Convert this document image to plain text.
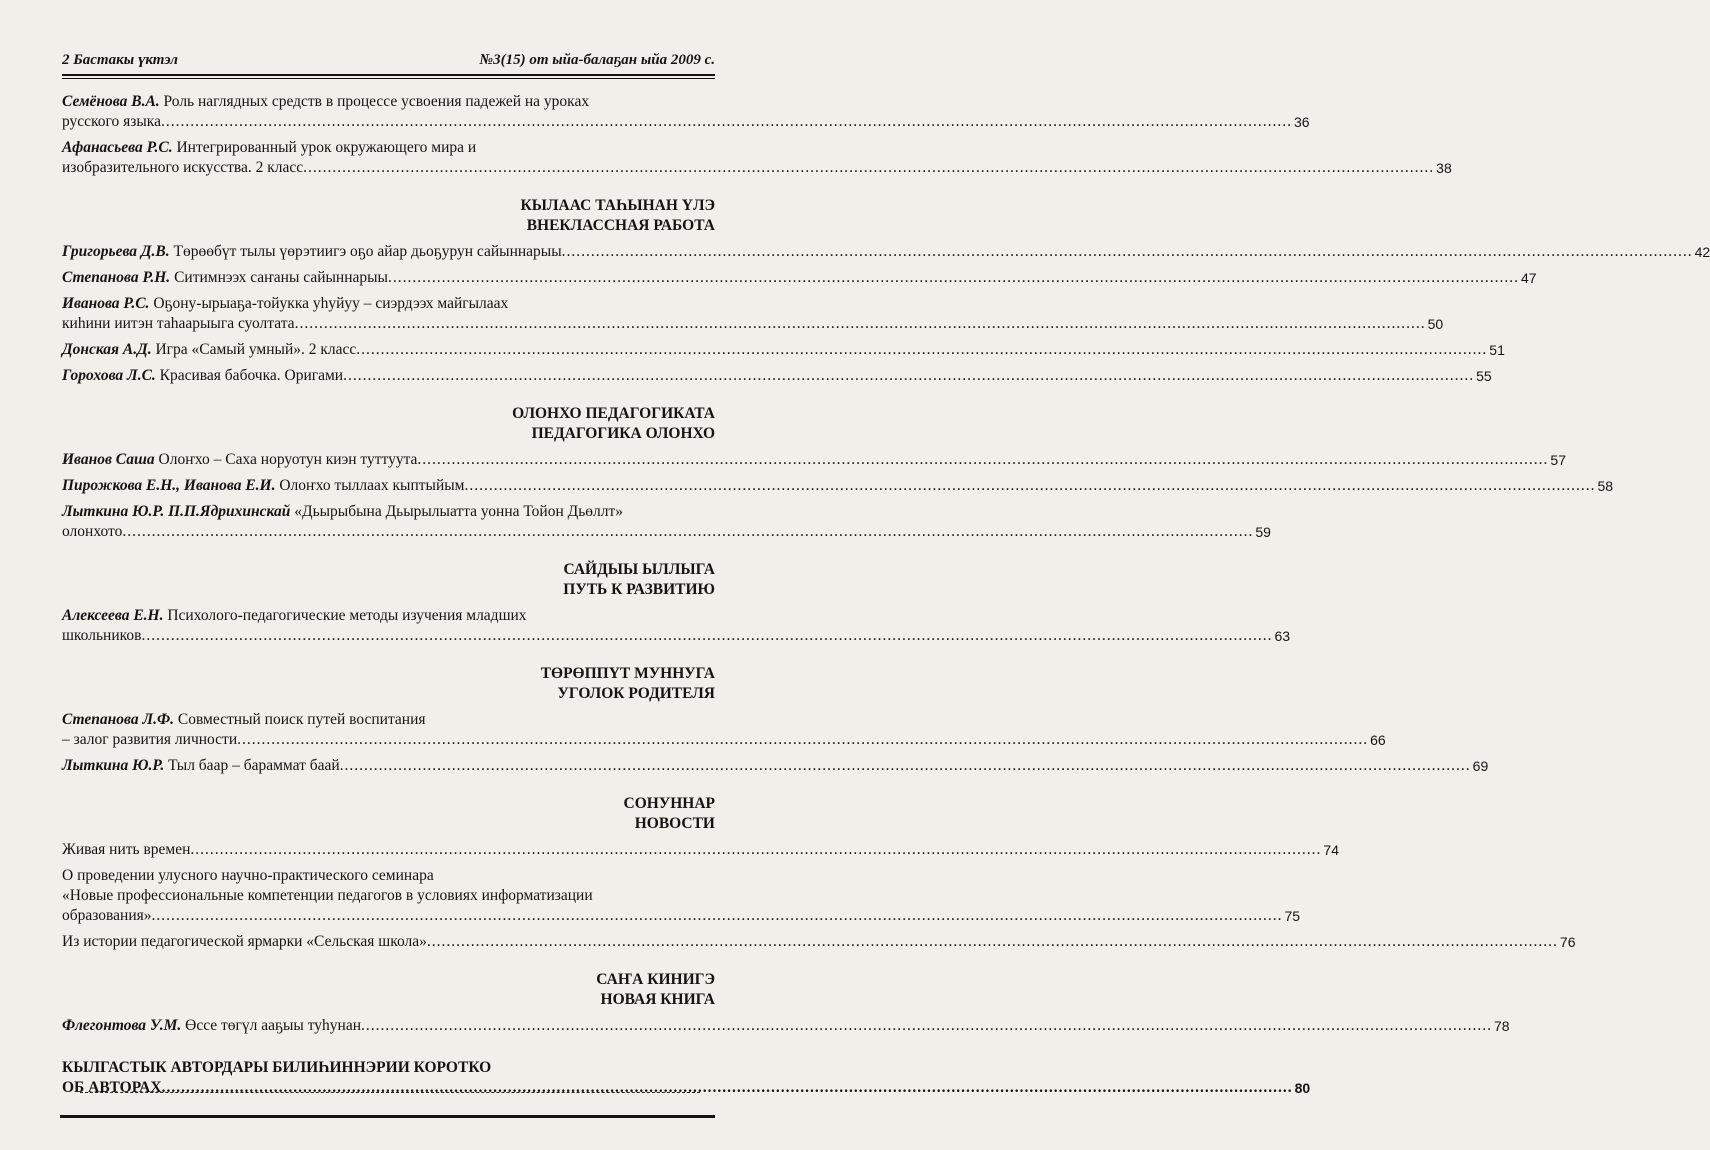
2 Бастакы үктэл	№3(15) от ыйа-балаҕан ыйа 2009 с.
Семёнова В.А. Роль наглядных средств в процессе усвоения падежей на уроках
русского языка .....	36
Афанасьева Р.С. Интегрированный урок окружающего мира и
изобразительного искусства. 2 класс .....	38
КЫЛААС ТАҺЫНАН ҮЛЭ
ВНЕКЛАССНАЯ РАБОТА
Григорьева Д.В. Төрөөбүт тылы үөрэтиигэ оҕо айар дьоҕурун сайыннарыы .....	42
Степанова Р.Н. Ситимнээх саҥаны сайыннарыы .....	47
Иванова Р.С. Оҕону-ырыаҕа-тойукка уһуйуу – сиэрдээх майгылаах
киһини иитэн таһаарыыга суолтата .....	50
Донская А.Д. Игра «Самый умный». 2 класс .....	51
Горохова Л.С. Красивая бабочка. Оригами .....	55
ОЛОНХО ПЕДАГОГИКАТА
ПЕДАГОГИКА ОЛОНХО
Иванов Саша Олоҥхо – Саха норуотун киэн туттуута .....	57
Пирожкова Е.Н., Иванова Е.И. Олоҥхо тыллаах кыптыйым .....	58
Лыткина Ю.Р. П.П.Ядрихинскай «Дьырыбына Дьырылыатта уонна Тойон Дьөллт»
олонхото .....	59
САЙДЫЫ ЫЛЛЫГА
ПУТЬ К РАЗВИТИЮ
Алексеева Е.Н. Психолого-педагогические методы изучения младших
школьников .....	63
ТӨРӨППҮТ МУННУГА
УГОЛОК РОДИТЕЛЯ
Степанова Л.Ф. Совместный поиск путей воспитания
– залог развития личности .....	66
Лыткина Ю.Р. Тыл баар – бараммат баай .....	69
СОНУННАР
НОВОСТИ
Живая нить времен .....	74
О проведении улусного научно-практического семинара
«Новые профессиональные компетенции педагогов в условиях информатизации
образования» .....	75
Из истории педагогической ярмарки «Сельская школа» .....	76
САҤА КИНИГЭ
НОВАЯ КНИГА
Флегонтова У.М. Өссе төгүл ааҕыы туһунан .....	78
КЫЛГАСТЫК АВТОРДАРЫ БИЛИҺИННЭРИИ КОРОТКО
ОБ АВТОРАХ .....	80
